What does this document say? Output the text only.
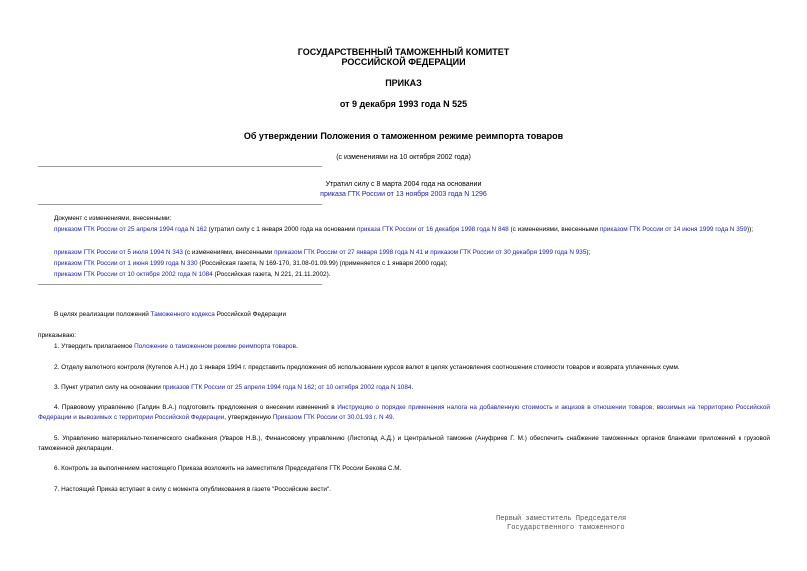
ГОСУДАРСТВЕННЫЙ ТАМОЖЕННЫЙ КОМИТЕТ
РОССИЙСКОЙ ФЕДЕРАЦИИ
ПРИКАЗ
от 9 декабря 1993 года N 525
Об утверждении Положения о таможенном режиме реимпорта товаров
(с изменениями на 10 октября 2002 года)
Утратил силу с 8 марта 2004 года на основании
приказа ГТК России от 13 ноября 2003 года N 1296
Документ с изменениями, внесенными:
приказом ГТК России от 25 апреля 1994 года N 162 (утратил силу с 1 января 2000 года на основании приказа ГТК России от 16 декабря 1998 года N 848 (с изменениями, внесенными приказом ГТК России от 14 июня 1999 года N 359));
приказом ГТК России от 5 июля 1994 N 343 (с изменениями, внесенными приказом ГТК России от 27 января 1998 года N 41 и приказом ГТК России от 30 декабря 1999 года N 935);
приказом ГТК России от 1 июня 1999 года N 330 (Российская газета, N 169-170, 31.08-01.09.99) (применяется с 1 января 2000 года);
приказом ГТК России от 10 октября 2002 года N 1084 (Российская газета, N 221, 21.11.2002).
В целях реализации положений Таможенного кодекса Российской Федерации
приказываю:
1. Утвердить прилагаемое Положение о таможенном режиме реимпорта товаров.
2. Отделу валютного контроля (Кутепов А.Н.) до 1 января 1994 г. представить предложения об использовании курсов валют в целях установления соотношения стоимости товаров и возврата уплаченных сумм.
3. Пункт утратил силу на основании приказов ГТК России от 25 апреля 1994 года N 162; от 10 октября 2002 года N 1084.
4. Правовому управлению (Галдин В.А.) подготовить предложения о внесении изменений в Инструкцию о порядке применения налога на добавленную стоимость и акцизов в отношении товаров, ввозимых на территорию Российской Федерации и вывозимых с территории Российской Федерации, утвержденную Приказом ГТК России от 30.01.93 г. N 49.
5. Управлению материально-технического снабжения (Уваров Н.В.), Финансовому управлению (Листопад А.Д.) и Центральной таможне (Ануфриев Г. М.) обеспечить снабжение таможенных органов бланками приложений к грузовой таможенной декларации.
6. Контроль за выполнением настоящего Приказа возложить на заместителя Председателя ГТК России Бекова С.М.
7. Настоящий Приказ вступает в силу с момента опубликования в газете "Российские вести".
Первый заместитель Председателя
Государственного таможенного
